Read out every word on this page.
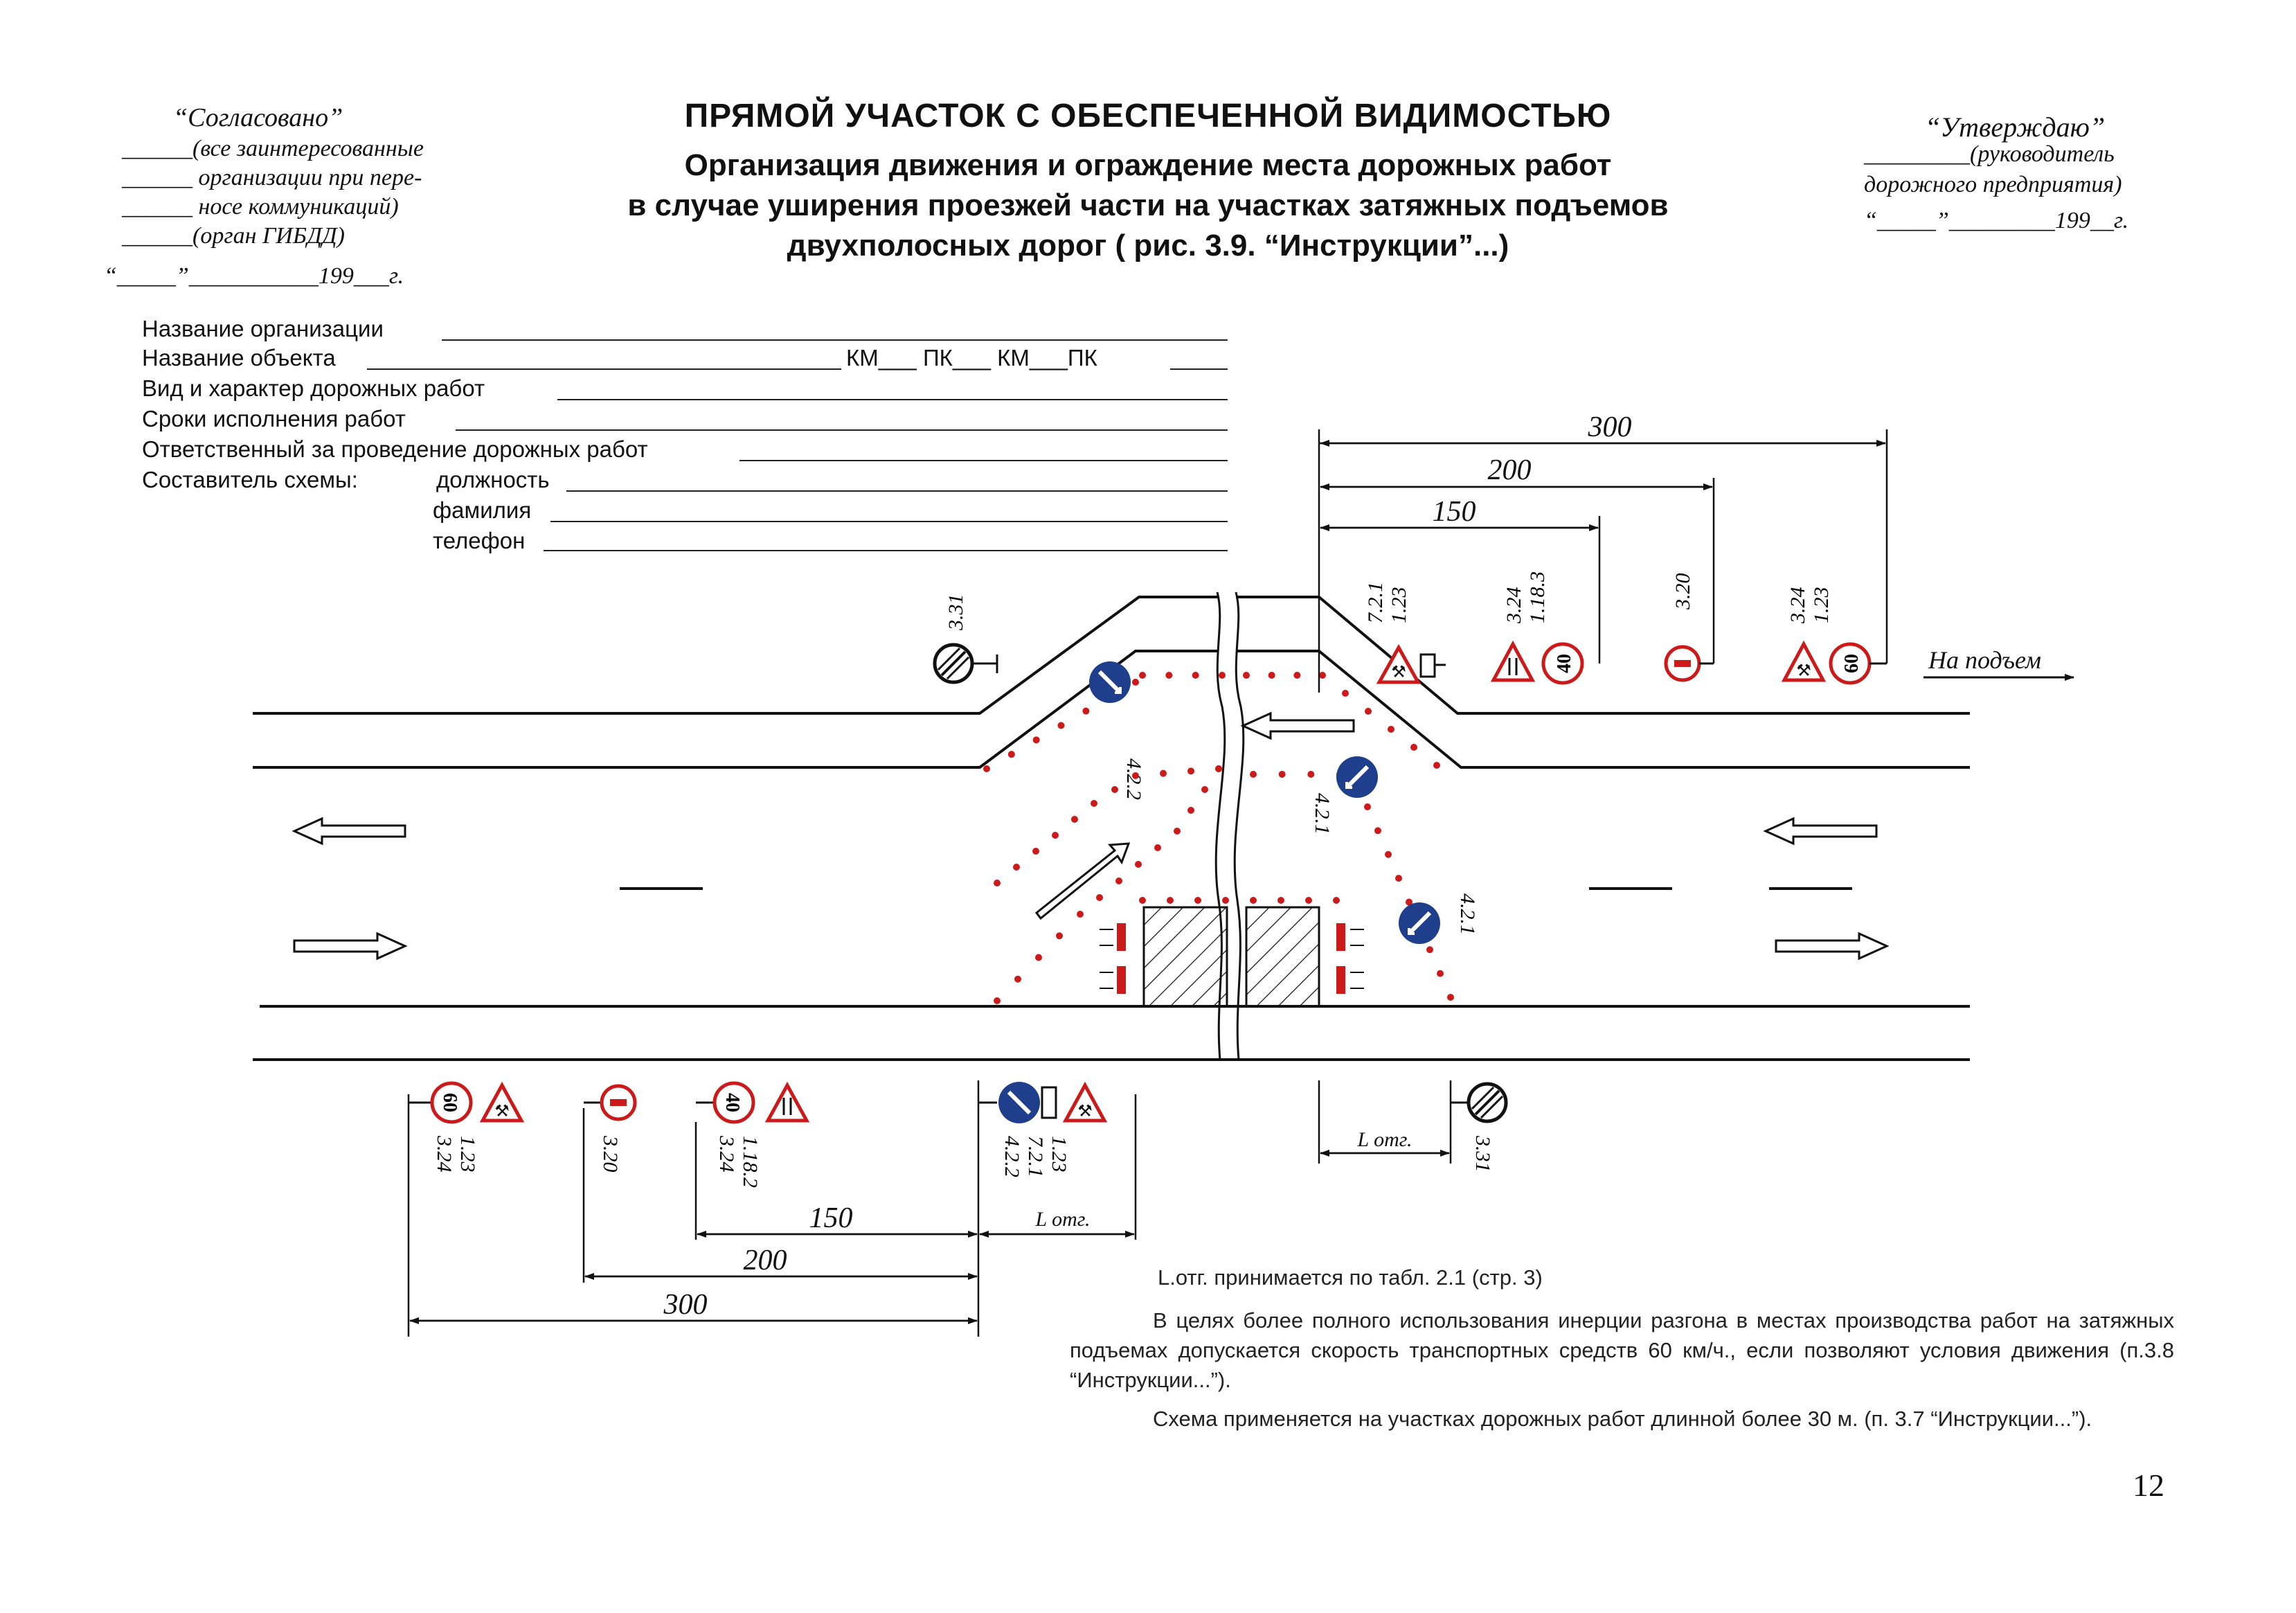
“Согласовано”
______(все заинтересованные
______ организации при пере-
______ носе коммуникаций)
______(орган ГИБДД)
“_____”___________199___г.
“Утверждаю”
_________(руководитель
дорожного предприятия)
“_____”_________199__г.
ПРЯМОЙ УЧАСТОК С ОБЕСПЕЧЕННОЙ ВИДИМОСТЬЮ
Организация движения и ограждение места дорожных работ
в случае уширения проезжей части на участках затяжных подъемов
двухполосных дорог ( рис. 3.9. “Инструкции”...)
Название организации
Название объекта	КМ___ ПК___ КМ___ПК
Вид и характер дорожных работ
Сроки исполнения работ
Ответственный за проведение дорожных работ
Составитель схемы:	должность
фамилия
телефон
300
200
150
150
200
300
L отг.
L отг.
На подъем
3.31
⚒
1.237.2.1
40
1.18.33.24	3.20
⚒ 60
1.233.24
4.2.2
4.2.1
4.2.1
60 ⚒
3.241.23	3.20
40
3.241.18.2
⚒
4.2.27.2.11.23	3.31
L.отг. принимается по табл. 2.1 (стр. 3)
В целях более полного использования инерции разгона в местах производства работ на затяжных подъемах допускается скорость транспортных средств 60 км/ч., если позволяют условия движения (п.3.8 “Инструкции...”).
Схема применяется на участках дорожных работ длинной более 30 м. (п. 3.7 “Инструкции...”).
12
